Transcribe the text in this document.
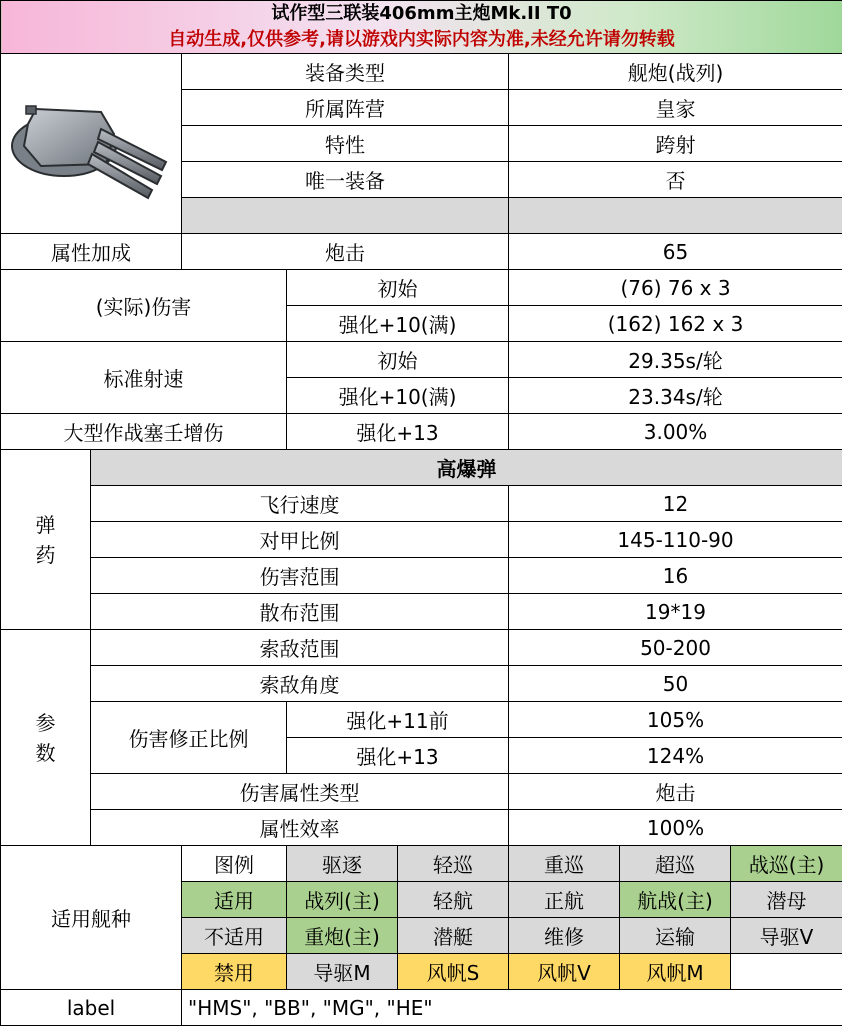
试作型三联装406mm主炮Mk.II T0
自动生成,仅供参考,请以游戏内实际内容为准,未经允许请勿转载							

	装备类型			舰炮(战列)		
		所属阵营			皇家		
		特性			跨射		
		唯一装备			否		

属性加成		炮击			65		
(实际)伤害			初始		(76) 76 x 3		
			强化+10(满)		(162) 162 x 3		
标准射速			初始		29.35s/轮		
			强化+10(满)		23.34s/轮		
大型作战塞壬增伤			强化+13		3.00%		
弹药	高爆弹						
	飞行速度				12		
	对甲比例				145-110-90		
	伤害范围				16		
	散布范围				19*19		
参数	索敌范围				50-200		
	索敌角度				50		
	伤害修正比例		强化+11前		105%		
			强化+13		124%		
	伤害属性类型				炮击		
	属性效率				100%		
适用舰种		图例	驱逐	轻巡	重巡	超巡	战巡(主)
		适用	战列(主)	轻航	正航	航战(主)	潜母
		不适用	重炮(主)	潜艇	维修	运输	导驱V
		禁用	导驱M	风帆S	风帆V	风帆M	
label		"HMS", "BB", "MG", "HE"					
